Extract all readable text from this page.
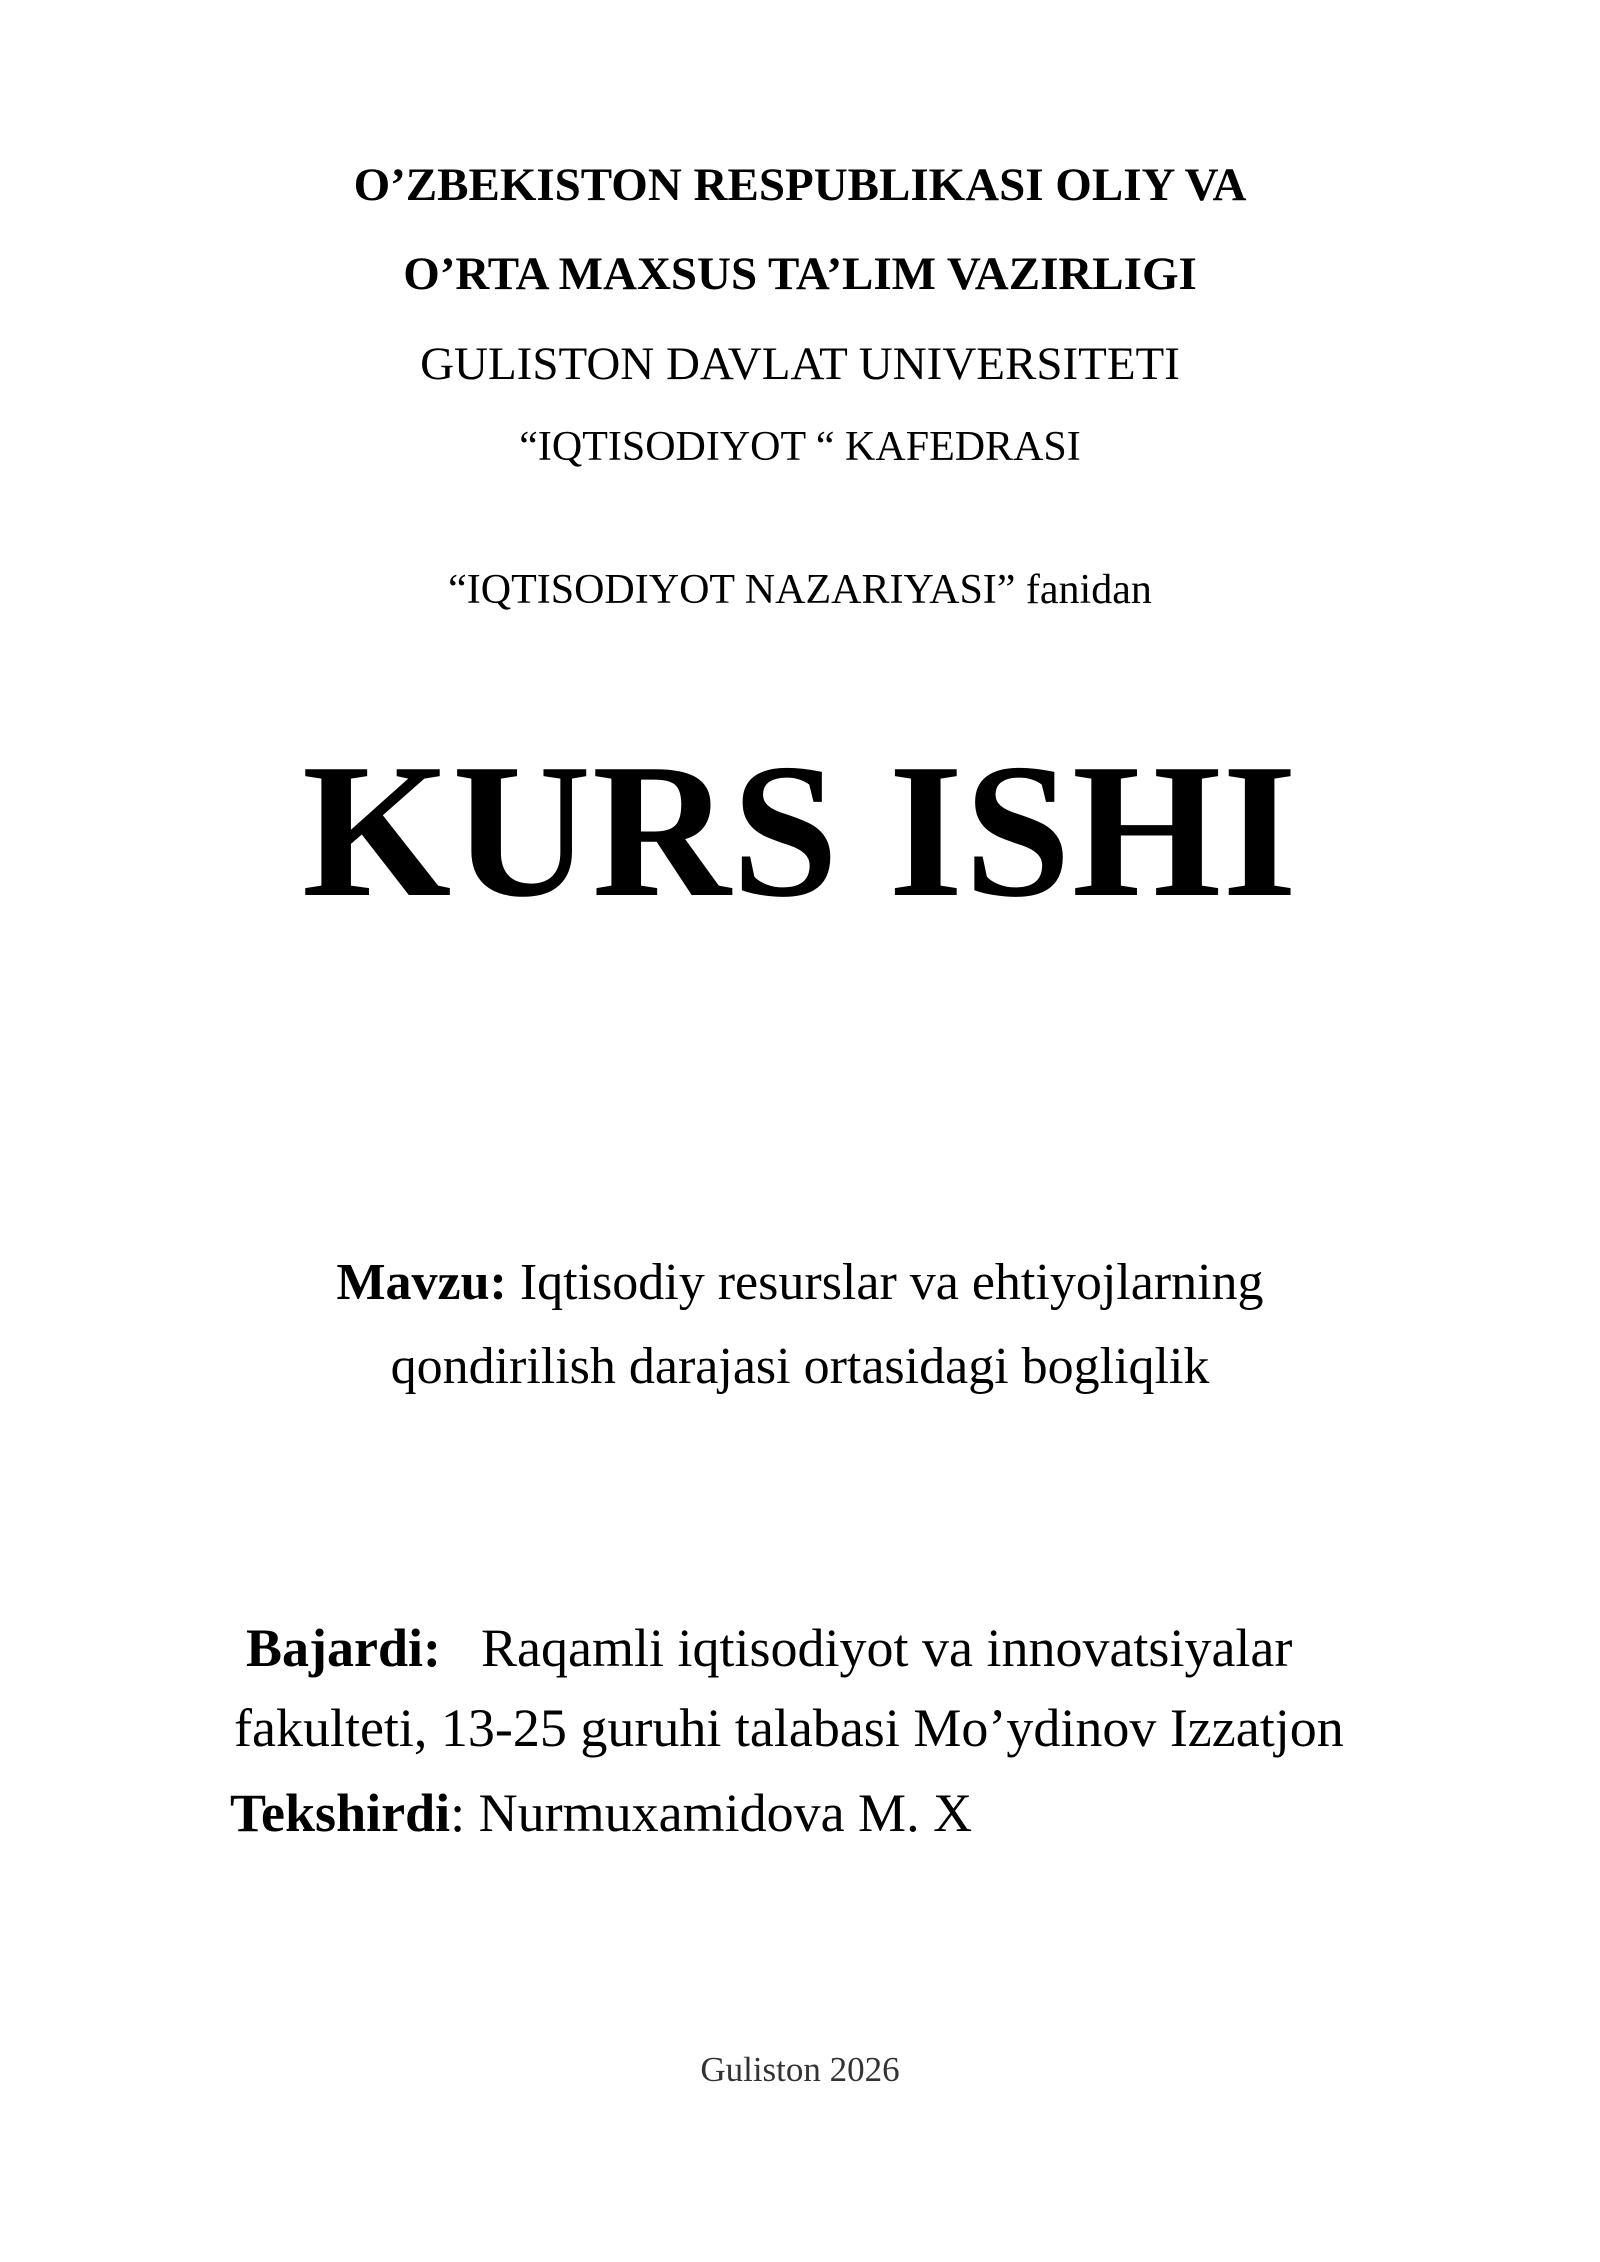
O’ZBEKISTON RESPUBLIKASI OLIY VA
O’RTA MAXSUS TA’LIM VAZIRLIGI
GULISTON DAVLAT UNIVERSITETI
“IQTISODIYOT “ KAFEDRASI
“IQTISODIYOT NAZARIYASI” fanidan
KURS ISHI
Mavzu: Iqtisodiy resurslar va ehtiyojlarning
qondirilish darajasi ortasidagi bogliqlik
Bajardi: Raqamli iqtisodiyot va innovatsiyalar
fakulteti, 13-25 guruhi talabasi Mo’ydinov Izzatjon
Tekshirdi: Nurmuxamidova M. X
Guliston 2026
